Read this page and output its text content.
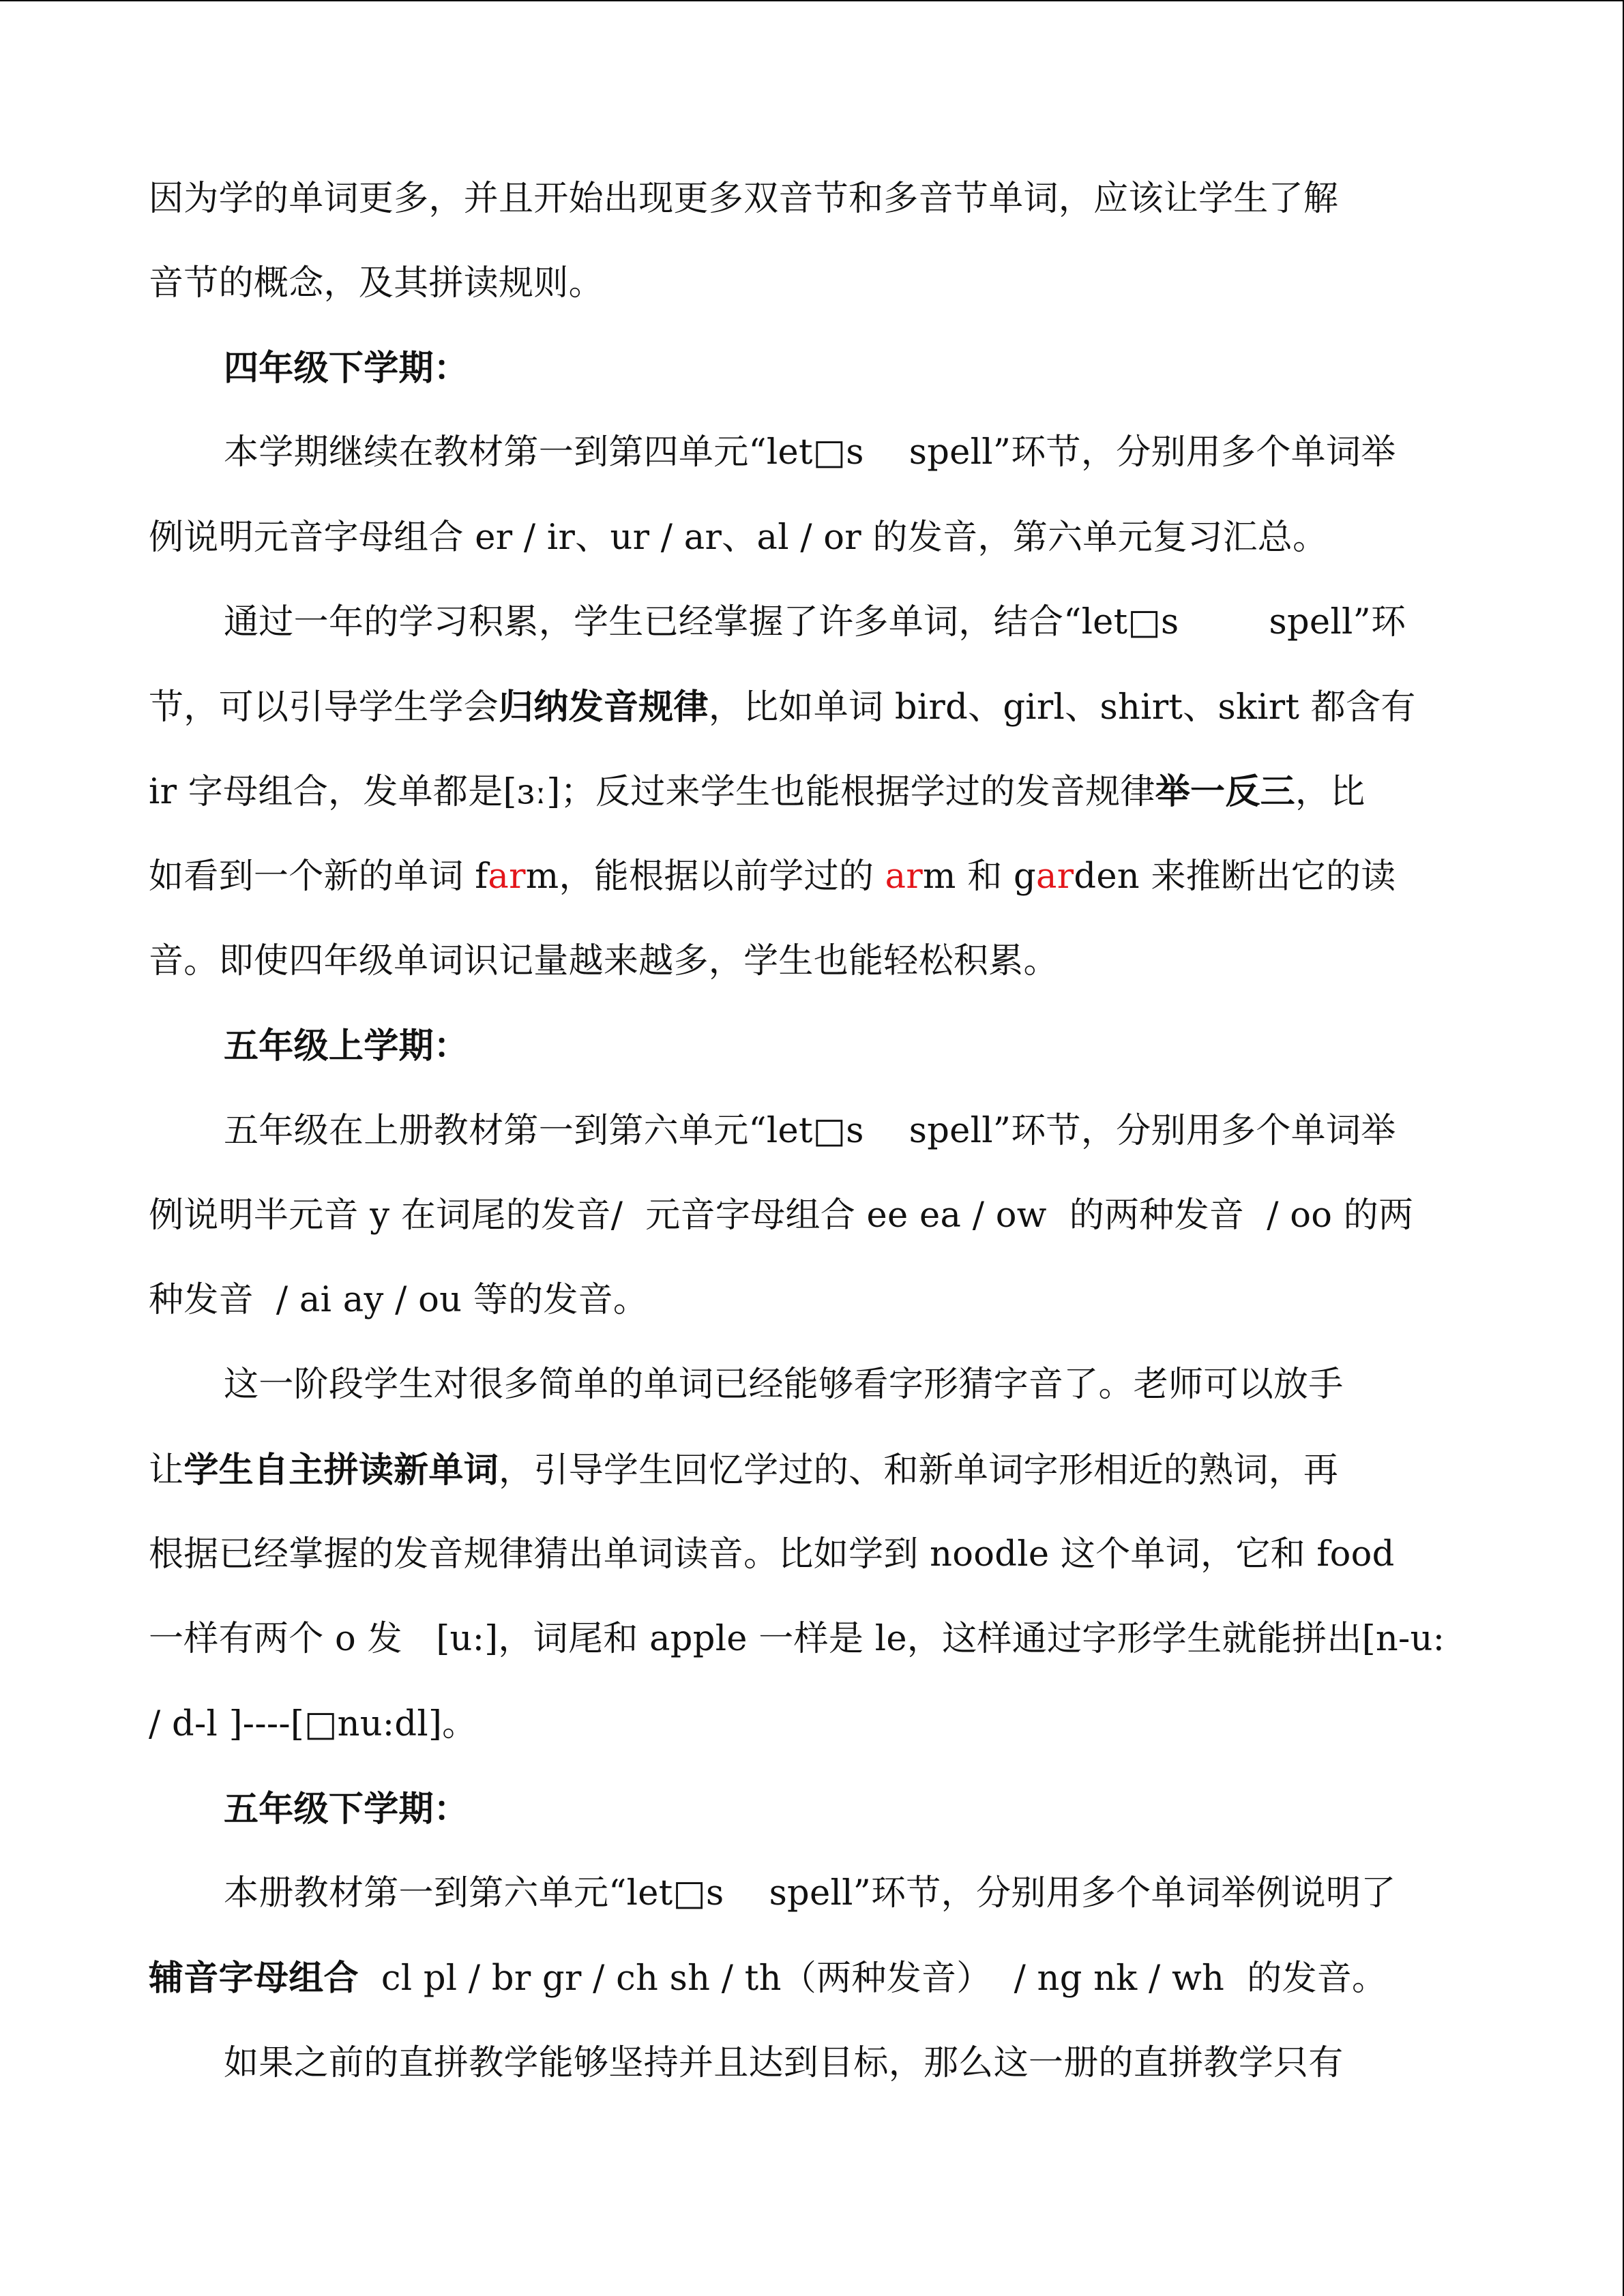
因为学的单词更多，并且开始出现更多双音节和多音节单词，应该让学生了解
音节的概念，及其拼读规则。
四年级下学期：
本学期继续在教材第一到第四单元“let□s    spell”环节，分别用多个单词举
例说明元音字母组合 er / ir、ur / ar、al / or 的发音，第六单元复习汇总。
通过一年的学习积累，学生已经掌握了许多单词，结合“let□s        spell”环
节，可以引导学生学会归纳发音规律，比如单词 bird、girl、shirt、skirt 都含有
ir 字母组合，发单都是[ɜː]；反过来学生也能根据学过的发音规律举一反三，比
如看到一个新的单词 farm，能根据以前学过的 arm 和 garden 来推断出它的读
音。即使四年级单词识记量越来越多，学生也能轻松积累。
五年级上学期：
五年级在上册教材第一到第六单元“let□s    spell”环节，分别用多个单词举
例说明半元音 y 在词尾的发音/  元音字母组合 ee ea / ow  的两种发音  / oo 的两
种发音  / ai ay / ou 等的发音。
这一阶段学生对很多简单的单词已经能够看字形猜字音了。老师可以放手
让学生自主拼读新单词，引导学生回忆学过的、和新单词字形相近的熟词，再
根据已经掌握的发音规律猜出单词读音。比如学到 noodle 这个单词，它和 food
一样有两个 o 发   [u:]，词尾和 apple 一样是 le，这样通过字形学生就能拼出[n-u:
/ d-l ]----[□nu:dl]。
五年级下学期：
本册教材第一到第六单元“let□s    spell”环节，分别用多个单词举例说明了
辅音字母组合  cl pl / br gr / ch sh / th（两种发音）  / ng nk / wh  的发音。
如果之前的直拼教学能够坚持并且达到目标，那么这一册的直拼教学只有
